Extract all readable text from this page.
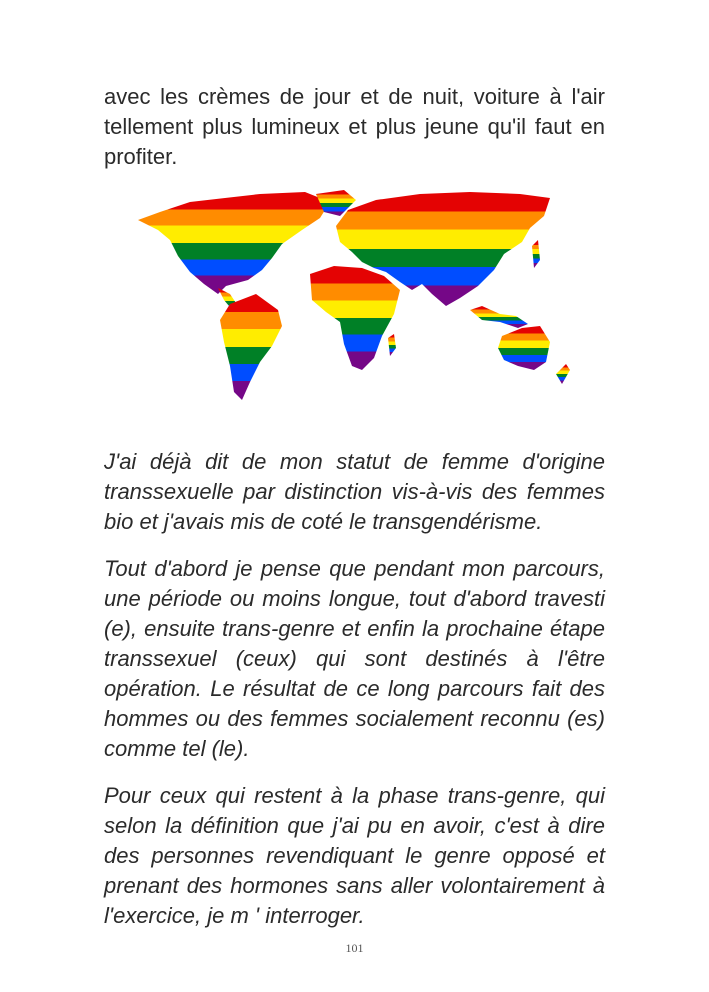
avec les crèmes de jour et de nuit, voiture à l'air tellement plus lumineux et plus jeune qu'il faut en profiter.

J'ai déjà dit de mon statut de femme d'origine transsexuelle par distinction vis-à-vis des femmes bio et j'avais mis de coté le transgendérisme.

Tout d'abord je pense que pendant mon parcours, une période ou moins longue, tout d'abord travesti (e), ensuite trans-genre et enfin la prochaine étape transsexuel (ceux) qui sont destinés à l'être opération. Le résultat de ce long parcours fait des hommes ou des femmes socialement reconnu (es) comme tel (le).

Pour ceux qui restent à la phase trans-genre, qui selon la définition que j'ai pu en avoir, c'est à dire des personnes revendiquant le genre opposé et prenant des hormones sans aller volontairement à l'exercice, je m ' interroger.

101
